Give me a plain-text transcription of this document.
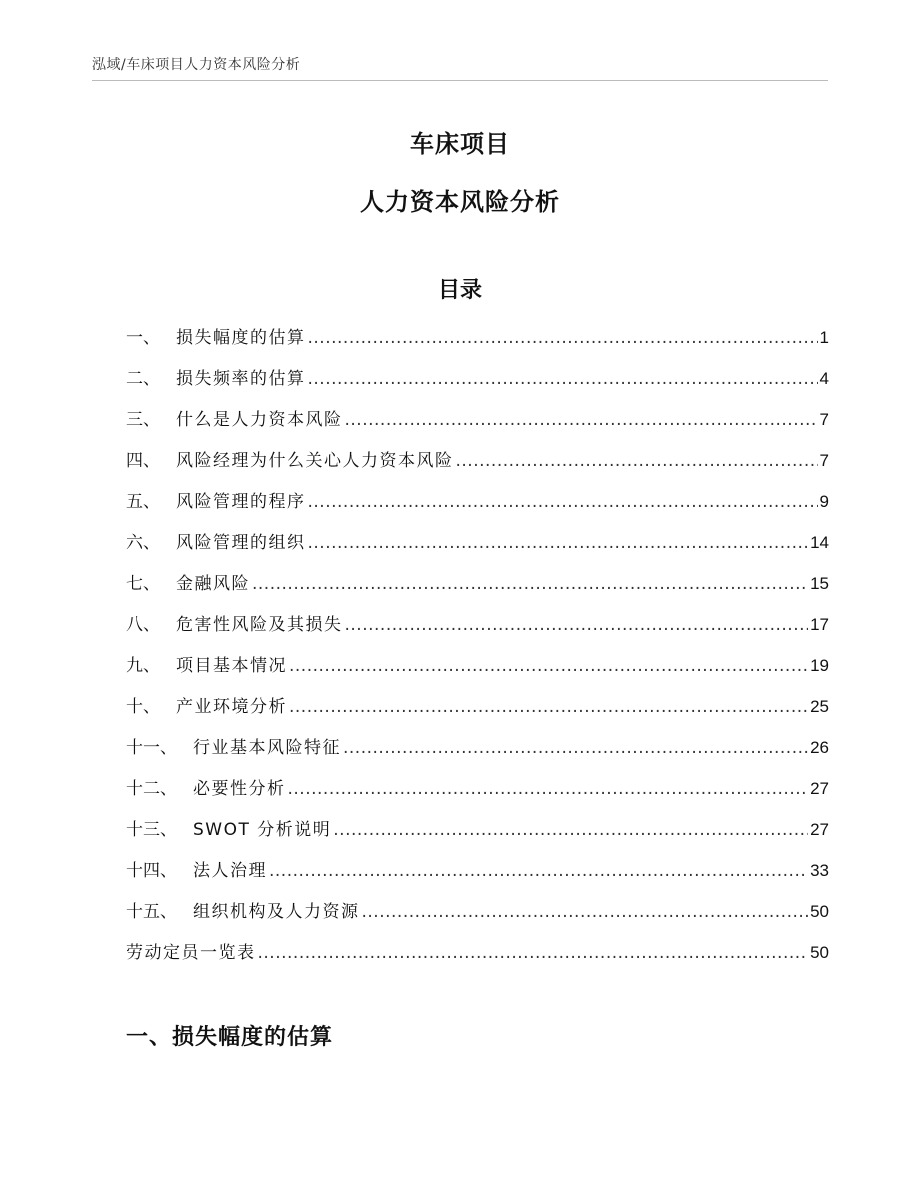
泓域/车床项目人力资本风险分析
车床项目
人力资本风险分析
目录
一 、 损失幅度的估算 .....	1
二 、 损失频率的估算 .....	4
三 、 什么是人力资本风险 .....	7
四 、 风险经理为什么关心人力资本风险 .....	7
五 、 风险管理的程序 .....	9
六 、 风险管理的组织 .....	14
七 、 金融风险 .....	15
八 、 危害性风险及其损失 .....	17
九 、 项目基本情况 .....	19
十 、 产业环境分析 .....	25
十一 、 行业基本风险特征 .....	26
十二 、 必要性分析 .....	27
十三 、 SWOT 分析说明 .....	27
十四 、 法人治理 .....	33
十五 、 组织机构及人力资源 .....	50
劳动定员一览表 .....	50
一、损失幅度的估算
